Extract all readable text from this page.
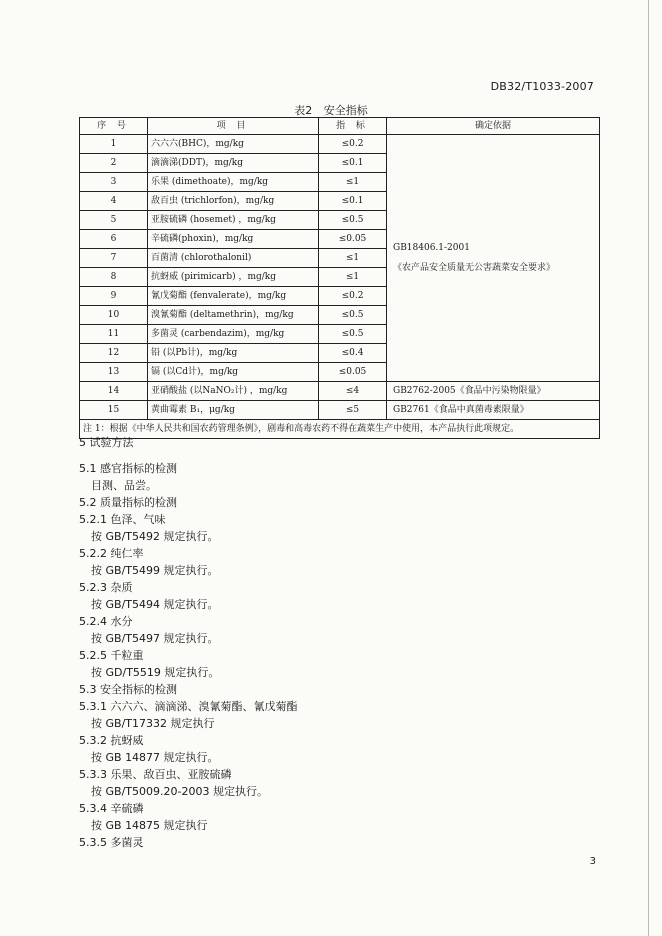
DB32/T1033-2007
表2 安全指标
序 号	项 目	指 标	确定依据
1	六六六(BHC)，mg/kg	≤0.2	GB18406.1-2001
《农产品安全质量无公害蔬菜安全要求》

2	滴滴涕(DDT)，mg/kg	≤0.1	
3	乐果 (dimethoate)，mg/kg	≤1	
4	敌百虫 (trichlorfon)，mg/kg	≤0.1	
5	亚胺硫磷 (hosemet) ，mg/kg	≤0.5	
6	辛硫磷(phoxin)，mg/kg	≤0.05	
7	百菌清 (chlorothalonil)	≤1	
8	抗蚜威 (pirimicarb) ，mg/kg	≤1	
9	氰戊菊酯 (fenvalerate)，mg/kg	≤0.2	
10	溴氰菊酯 (deltamethrin)，mg/kg	≤0.5	
11	多菌灵 (carbendazim)，mg/kg	≤0.5	
12	铅 (以Pb计)，mg/kg	≤0.4	
13	镉 (以Cd计)，mg/kg	≤0.05	
14	亚硝酸盐 (以NaNO₂计) ，mg/kg	≤4	GB2762-2005《食品中污染物限量》
15	黄曲霉素 B₁，μg/kg	≤5	GB2761《食品中真菌毒素限量》
注 1：根据《中华人民共和国农药管理条例》，剧毒和高毒农药不得在蔬菜生产中使用，本产品执行此项规定。			
5 试验方法
5.1 感官指标的检测
目测、品尝。
5.2 质量指标的检测
5.2.1 色泽、气味
按 GB/T5492 规定执行。
5.2.2 纯仁率
按 GB/T5499 规定执行。
5.2.3 杂质
按 GB/T5494 规定执行。
5.2.4 水分
按 GB/T5497 规定执行。
5.2.5 千粒重
按 GD/T5519 规定执行。
5.3 安全指标的检测
5.3.1 六六六、滴滴涕、溴氰菊酯、氰戊菊酯
按 GB/T17332 规定执行
5.3.2 抗蚜威
按 GB 14877 规定执行。
5.3.3 乐果、敌百虫、亚胺硫磷
按 GB/T5009.20-2003 规定执行。
5.3.4 辛硫磷
按 GB 14875 规定执行
5.3.5 多菌灵
3
